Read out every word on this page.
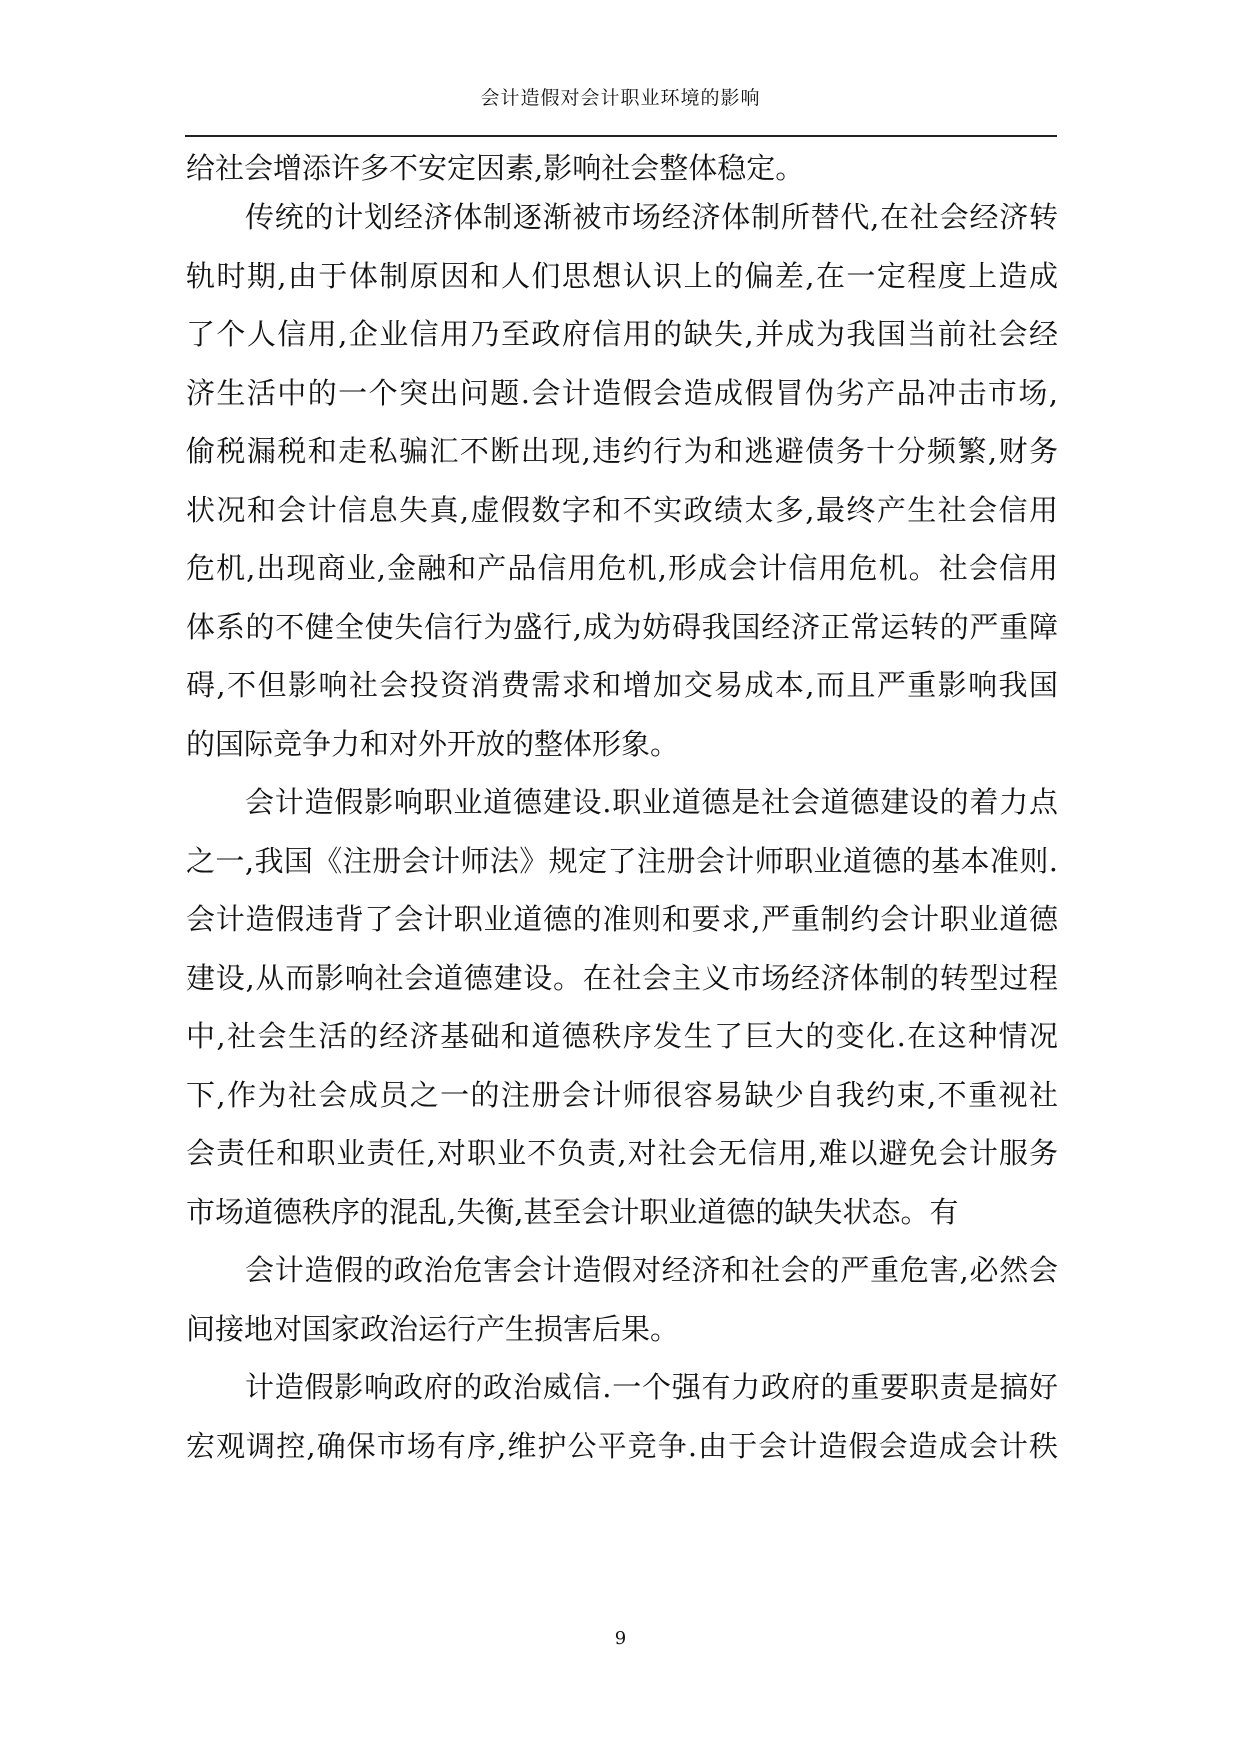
会计造假对会计职业环境的影响

给社会增添许多不安定因素,影响社会整体稳定。

传统的计划经济体制逐渐被市场经济体制所替代,在社会经济转

轨时期,由于体制原因和人们思想认识上的偏差,在一定程度上造成

了个人信用,企业信用乃至政府信用的缺失,并成为我国当前社会经

济生活中的一个突出问题.会计造假会造成假冒伪劣产品冲击市场,

偷税漏税和走私骗汇不断出现,违约行为和逃避债务十分频繁,财务

状况和会计信息失真,虚假数字和不实政绩太多,最终产生社会信用

危机,出现商业,金融和产品信用危机,形成会计信用危机。社会信用

体系的不健全使失信行为盛行,成为妨碍我国经济正常运转的严重障

碍,不但影响社会投资消费需求和增加交易成本,而且严重影响我国

的国际竞争力和对外开放的整体形象。

会计造假影响职业道德建设.职业道德是社会道德建设的着力点

之一,我国《注册会计师法》规定了注册会计师职业道德的基本准则.

会计造假违背了会计职业道德的准则和要求,严重制约会计职业道德

建设,从而影响社会道德建设。在社会主义市场经济体制的转型过程

中,社会生活的经济基础和道德秩序发生了巨大的变化.在这种情况

下,作为社会成员之一的注册会计师很容易缺少自我约束,不重视社

会责任和职业责任,对职业不负责,对社会无信用,难以避免会计服务

市场道德秩序的混乱,失衡,甚至会计职业道德的缺失状态。有

会计造假的政治危害会计造假对经济和社会的严重危害,必然会

间接地对国家政治运行产生损害后果。

计造假影响政府的政治威信.一个强有力政府的重要职责是搞好

宏观调控,确保市场有序,维护公平竞争.由于会计造假会造成会计秩

9
